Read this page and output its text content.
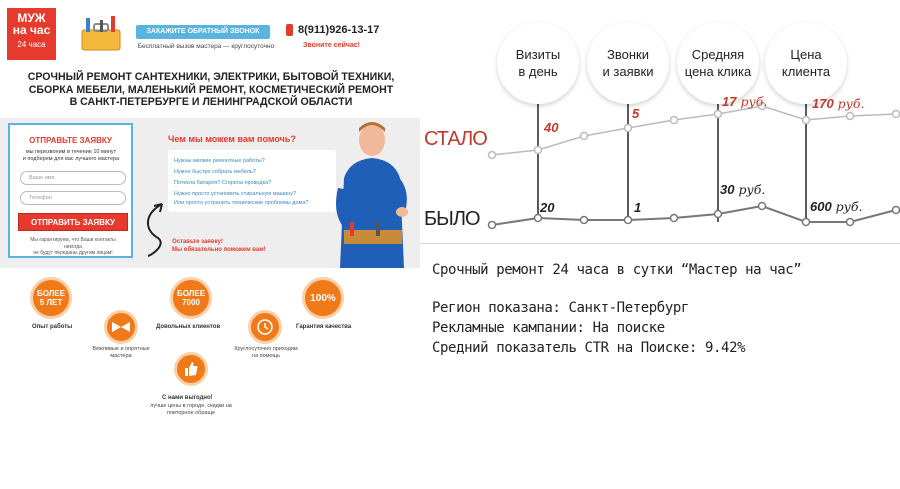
МУЖ
на час
24 часа
ЗАКАЖИТЕ ОБРАТНЫЙ ЗВОНОК
Бесплатный вызов мастера — круглосуточно
8(911)926-13-17
Звоните сейчас!
СРОЧНЫЙ РЕМОНТ САНТЕХНИКИ, ЭЛЕКТРИКИ, БЫТОВОЙ ТЕХНИКИ,
СБОРКА МЕБЕЛИ, МАЛЕНЬКИЙ РЕМОНТ, КОСМЕТИЧЕСКИЙ РЕМОНТ
В САНКТ-ПЕТЕРБУРГЕ И ЛЕНИНГРАДСКОЙ ОБЛАСТИ
ОТПРАВЬТЕ ЗАЯВКУ
мы перезвоним в течение 10 минут
и подберем для вас лучшего мастера
Ваше имя
Телефон
ОТПРАВИТЬ ЗАЯВКУ
Мы гарантируем, что Ваши контакты
никогда
не будут переданы другим лицам!
Чем мы можем вам помочь?
Нужны мелкие ремонтные работы?
Нужно быстро собрать мебель?
Потекла батарея? Сгорела проводка?
Нужно просто установить стиральную машину?
Или просто устранить технические проблемы дома?
Оставьте заявку!
Мы обязательно поможем вам!
БОЛЕЕ
5 ЛЕТ
Опыт работы
БОЛЕЕ
7000
Довольных клиентов
100%
Гарантия качества
Вежливые и опрятные
мастера
Круглосуточно приходим
на помощь
С нами выгодно!
лучше цены в городе, скидки на
повторное обраще
Визиты
в день
Звонки
и заявки
Средняя
цена клика
Цена
клиента
СТАЛО
БЫЛО
40
5
17 руб.	170 руб.
20	1
30 руб.
600 руб.
Срочный ремонт 24 часа в сутки “Мастер на час”
Регион показана: Санкт-Петербург
Рекламные кампании: На поиске
Средний показатель CTR на Поиске: 9.42%
